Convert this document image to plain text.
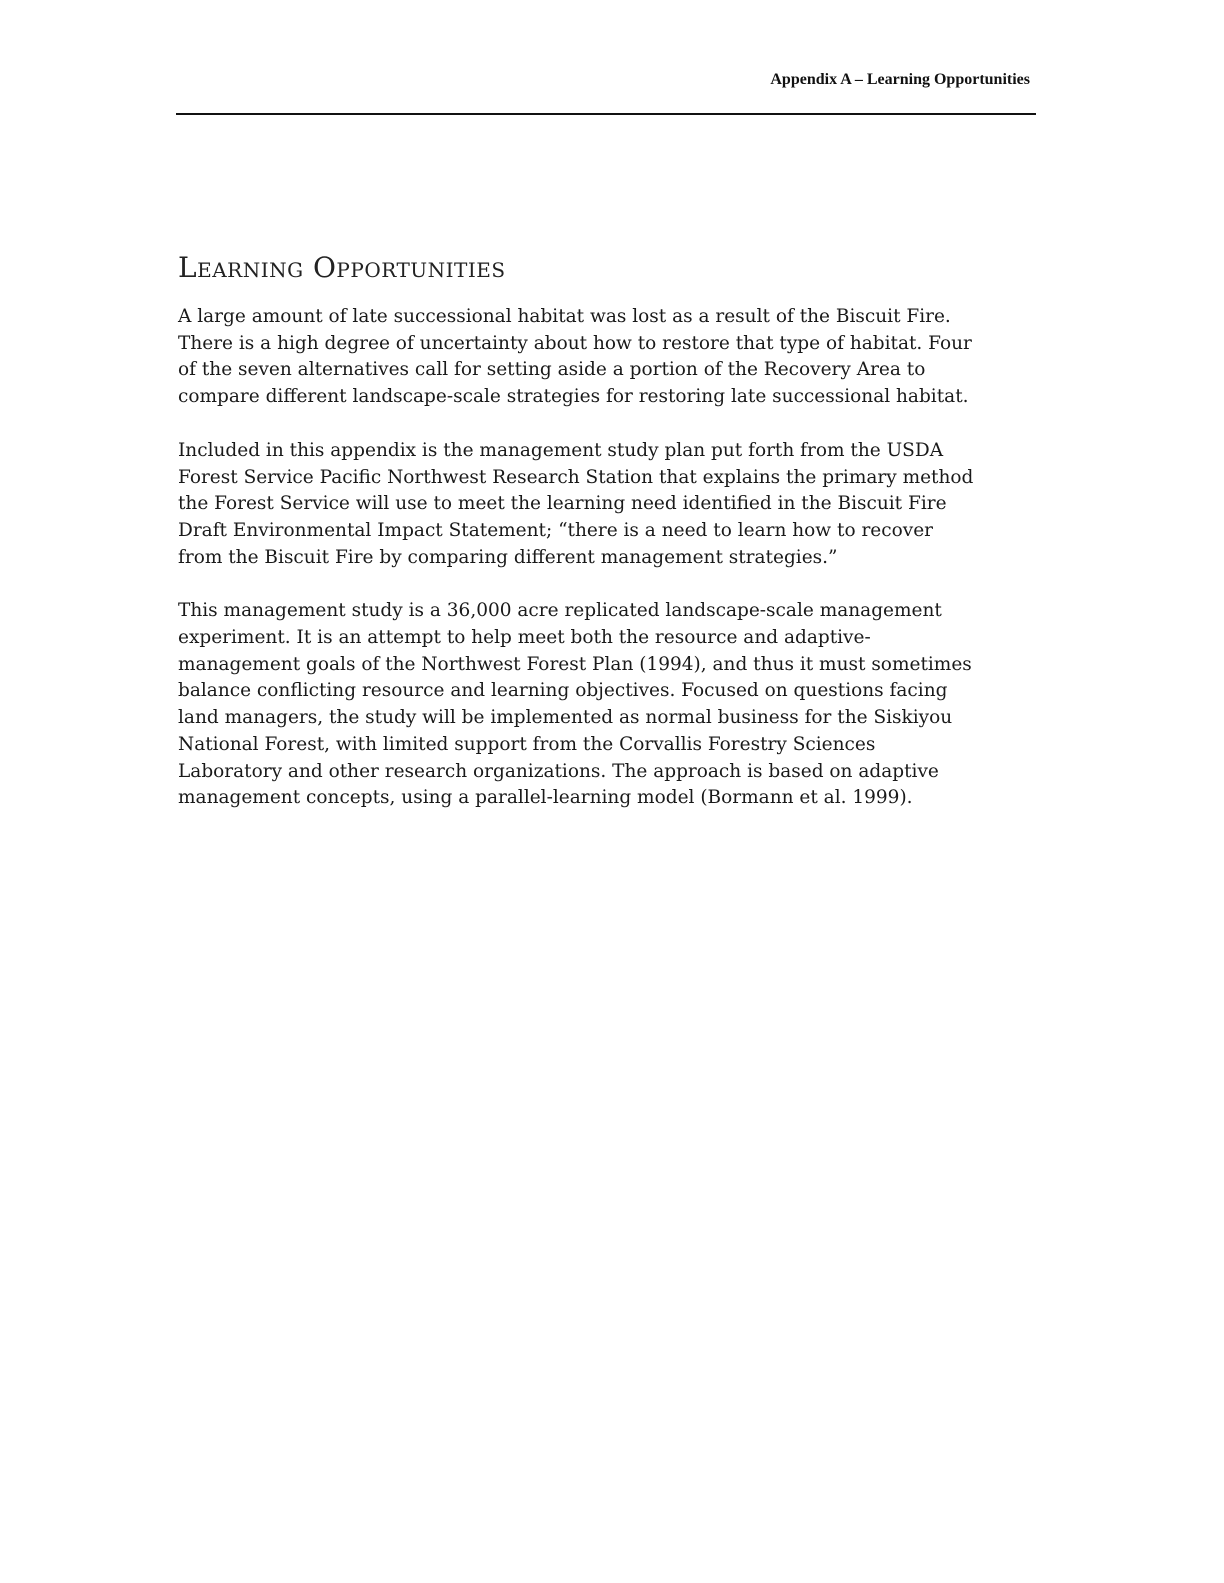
Appendix A – Learning Opportunities
Learning Opportunities

A large amount of late successional habitat was lost as a result of the Biscuit Fire.
There is a high degree of uncertainty about how to restore that type of habitat. Four
of the seven alternatives call for setting aside a portion of the Recovery Area to
compare different landscape-scale strategies for restoring late successional habitat.

Included in this appendix is the management study plan put forth from the USDA
Forest Service Pacific Northwest Research Station that explains the primary method
the Forest Service will use to meet the learning need identified in the Biscuit Fire
Draft Environmental Impact Statement; “there is a need to learn how to recover
from the Biscuit Fire by comparing different management strategies.”

This management study is a 36,000 acre replicated landscape-scale management
experiment. It is an attempt to help meet both the resource and adaptive-
management goals of the Northwest Forest Plan (1994), and thus it must sometimes
balance conflicting resource and learning objectives. Focused on questions facing
land managers, the study will be implemented as normal business for the Siskiyou
National Forest, with limited support from the Corvallis Forestry Sciences
Laboratory and other research organizations. The approach is based on adaptive
management concepts, using a parallel-learning model (Bormann et al. 1999).
